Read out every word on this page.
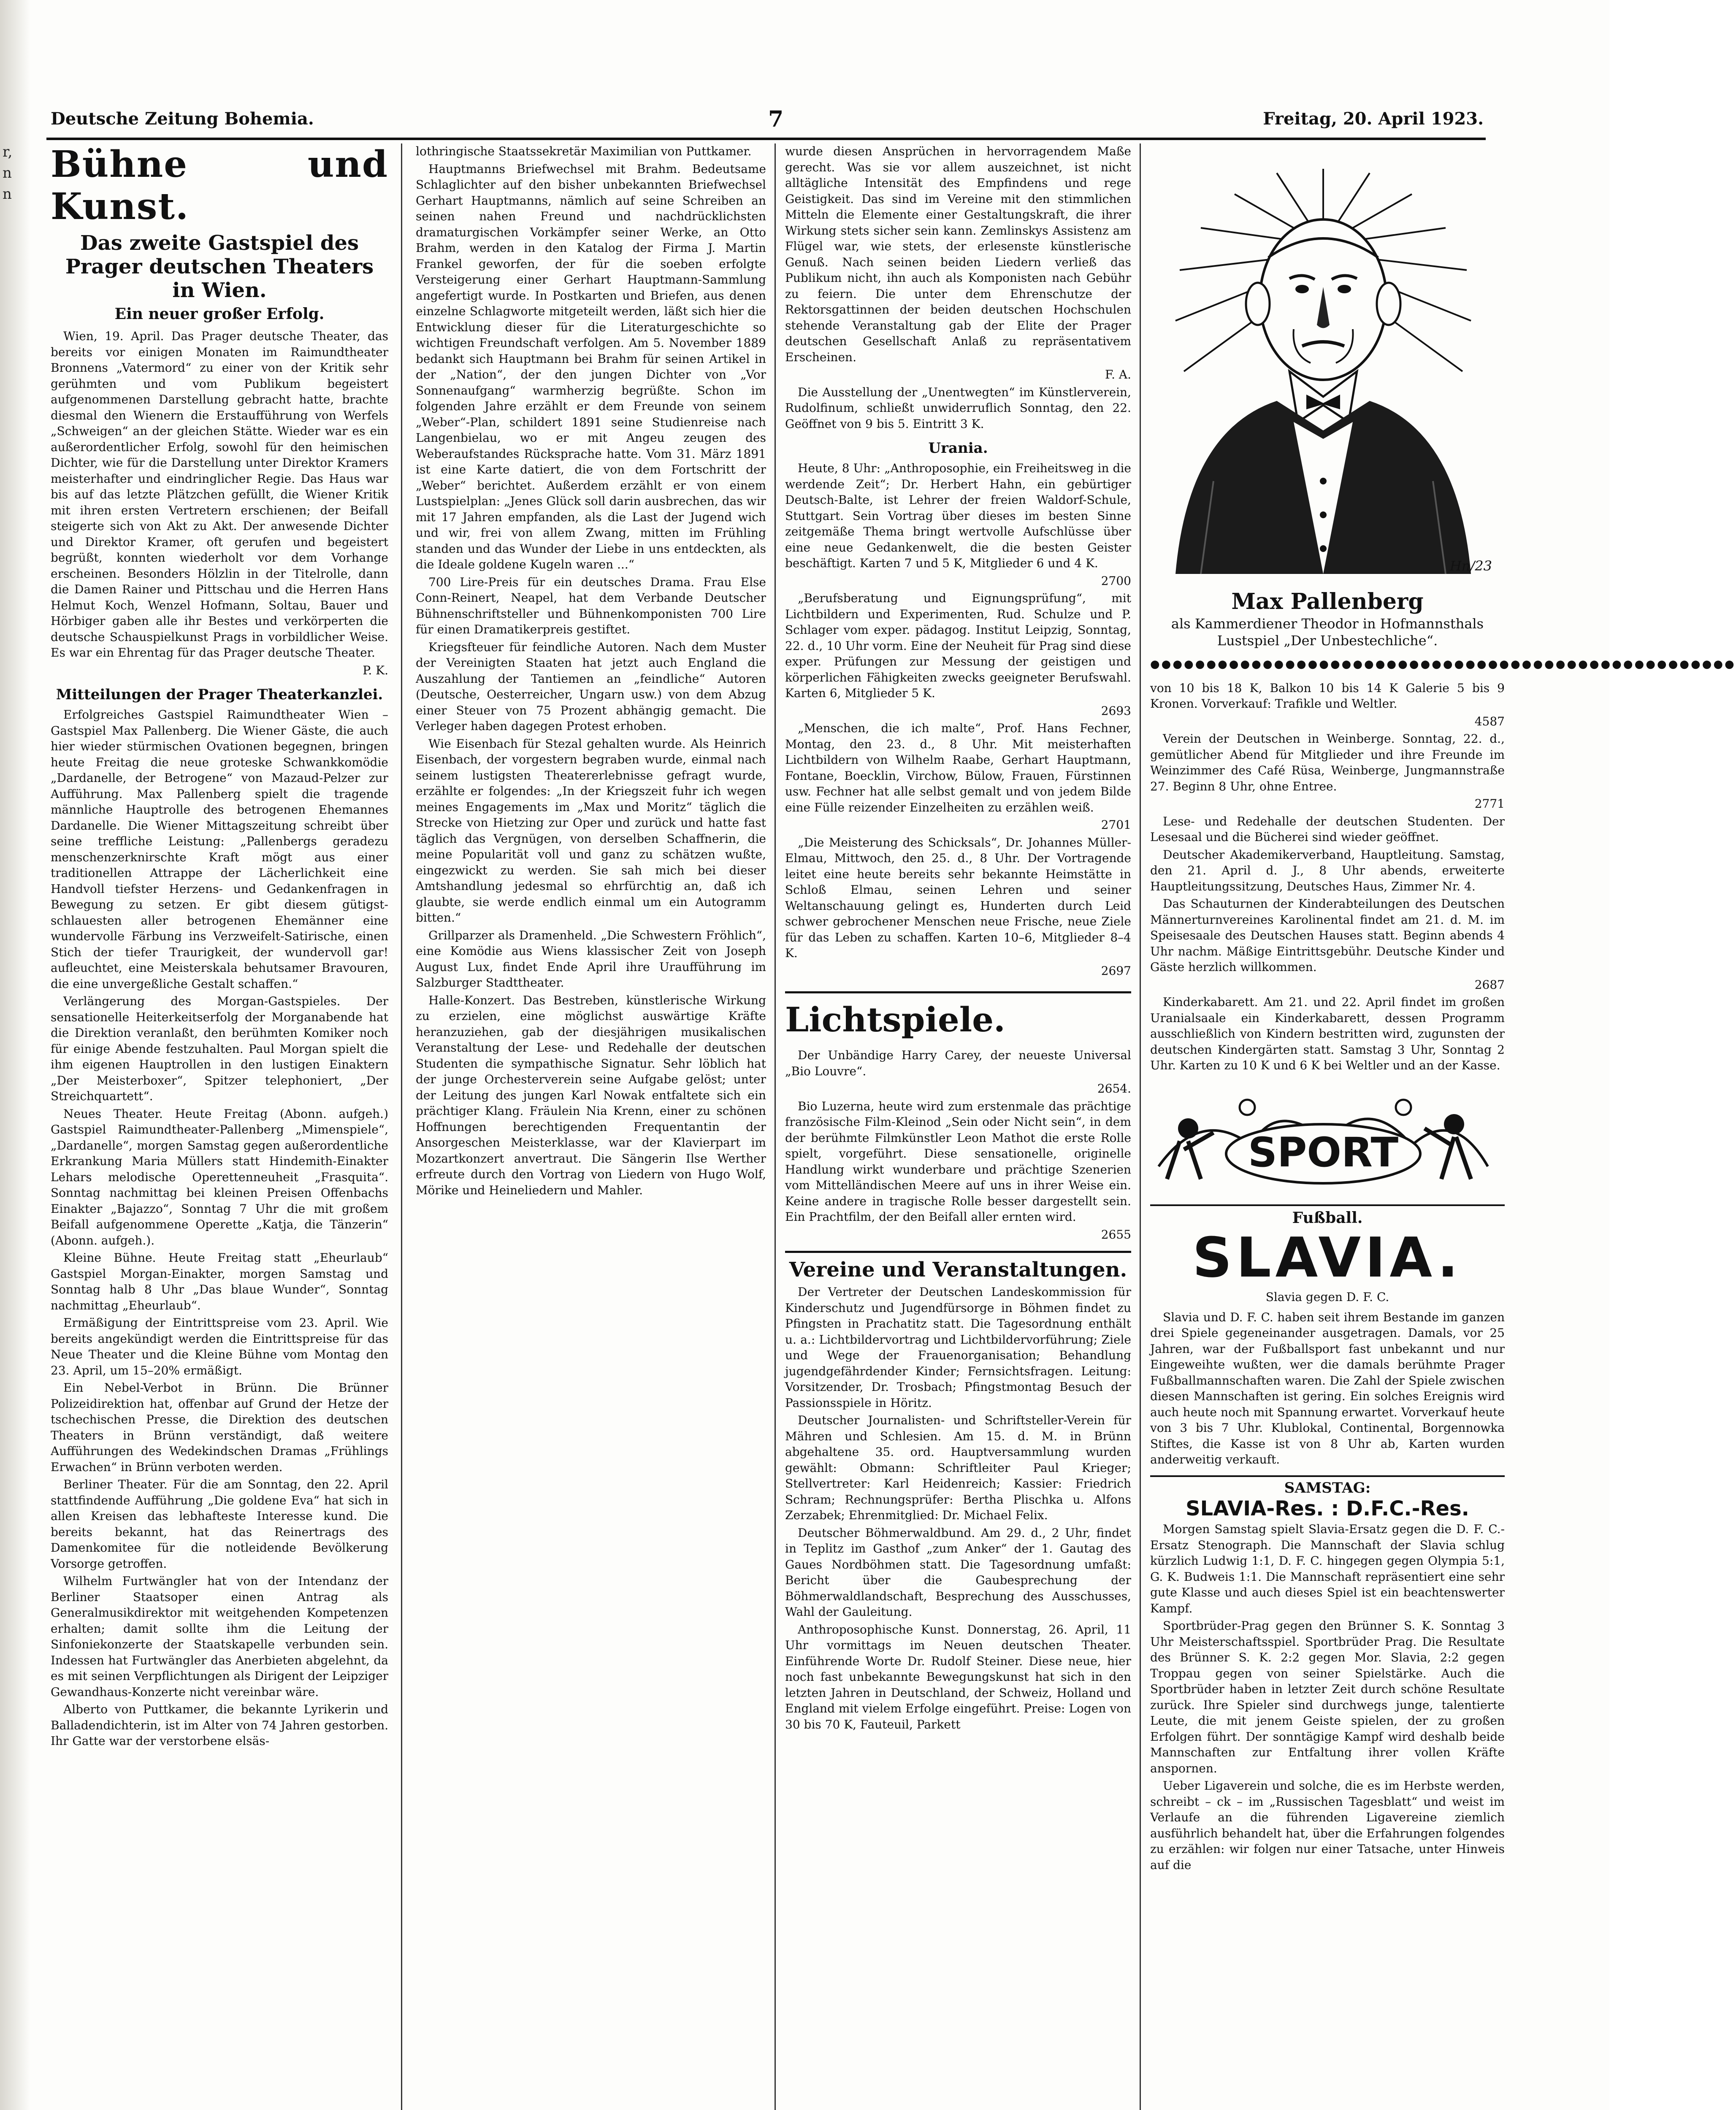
r,
n
n
Deutsche Zeitung Bohemia.	7	Freitag, 20. April 1923.
Bühne und Kunst.
Das zweite Gastspiel des Prager deutschen Theaters in Wien.
Ein neuer großer Erfolg.

Wien, 19. April. Das Prager deutsche Theater, das bereits vor einigen Monaten im Raimundtheater Bronnens „Vatermord“ zu einer von der Kritik sehr gerühmten und vom Publikum begeistert aufgenommenen Darstellung gebracht hatte, brachte diesmal den Wienern die Erstaufführung von Werfels „Schweigen“ an der gleichen Stätte. Wieder war es ein außerordentlicher Erfolg, sowohl für den heimischen Dichter, wie für die Darstellung unter Direktor Kramers meisterhafter und eindringlicher Regie. Das Haus war bis auf das letzte Plätzchen gefüllt, die Wiener Kritik mit ihren ersten Vertretern erschienen; der Beifall steigerte sich von Akt zu Akt. Der anwesende Dichter und Direktor Kramer, oft gerufen und begeistert begrüßt, konnten wiederholt vor dem Vorhange erscheinen. Besonders Hölzlin in der Titelrolle, dann die Damen Rainer und Pittschau und die Herren Hans Helmut Koch, Wenzel Hofmann, Soltau, Bauer und Hörbiger gaben alle ihr Bestes und verkörperten die deutsche Schauspielkunst Prags in vorbildlicher Weise. Es war ein Ehrentag für das Prager deutsche Theater.

P. K.

Mitteilungen der Prager Theaterkanzlei.

Erfolgreiches Gastspiel Raimundtheater Wien – Gastspiel Max Pallenberg. Die Wiener Gäste, die auch hier wieder stürmischen Ovationen begegnen, bringen heute Freitag die neue groteske Schwankkomödie „Dardanelle, der Betrogene“ von Mazaud-Pelzer zur Aufführung. Max Pallenberg spielt die tragende männliche Hauptrolle des betrogenen Ehemannes Dardanelle. Die Wiener Mittagszeitung schreibt über seine treffliche Leistung: „Pallenbergs geradezu menschenzerknirschte Kraft mögt aus einer traditionellen Attrappe der Lächerlichkeit eine Handvoll tiefster Herzens- und Gedankenfragen in Bewegung zu setzen. Er gibt diesem gütigst-schlauesten aller betrogenen Ehemänner eine wundervolle Färbung ins Verzweifelt-Satirische, einen Stich der tiefer Traurigkeit, der wundervoll gar! aufleuchtet, eine Meisterskala behutsamer Bravouren, die eine unvergeßliche Gestalt schaffen.“

Verlängerung des Morgan-Gastspieles. Der sensationelle Heiterkeitserfolg der Morganabende hat die Direktion veranlaßt, den berühmten Komiker noch für einige Abende festzuhalten. Paul Morgan spielt die ihm eigenen Hauptrollen in den lustigen Einaktern „Der Meisterboxer“, Spitzer telephoniert, „Der Streichquartett“.

Neues Theater. Heute Freitag (Abonn. aufgeh.) Gastspiel Raimundtheater-Pallenberg „Mimenspiele“, „Dardanelle“, morgen Samstag gegen außerordentliche Erkrankung Maria Müllers statt Hindemith-Einakter Lehars melodische Operettenneuheit „Frasquita“. Sonntag nachmittag bei kleinen Preisen Offenbachs Einakter „Bajazzo“, Sonntag 7 Uhr die mit großem Beifall aufgenommene Operette „Katja, die Tänzerin“ (Abonn. aufgeh.).

Kleine Bühne. Heute Freitag statt „Eheurlaub“ Gastspiel Morgan-Einakter, morgen Samstag und Sonntag halb 8 Uhr „Das blaue Wunder“, Sonntag nachmittag „Eheurlaub“.

Ermäßigung der Eintrittspreise vom 23. April. Wie bereits angekündigt werden die Eintrittspreise für das Neue Theater und die Kleine Bühne vom Montag den 23. April, um 15–20% ermäßigt.

Ein Nebel-Verbot in Brünn. Die Brünner Polizeidirektion hat, offenbar auf Grund der Hetze der tschechischen Presse, die Direktion des deutschen Theaters in Brünn verständigt, daß weitere Aufführungen des Wedekindschen Dramas „Frühlings Erwachen“ in Brünn verboten werden.

Berliner Theater. Für die am Sonntag, den 22. April stattfindende Aufführung „Die goldene Eva“ hat sich in allen Kreisen das lebhafteste Interesse kund. Die bereits bekannt, hat das Reinertrags des Damenkomitee für die notleidende Bevölkerung Vorsorge getroffen.

Wilhelm Furtwängler hat von der Intendanz der Berliner Staatsoper einen Antrag als Generalmusikdirektor mit weitgehenden Kompetenzen erhalten; damit sollte ihm die Leitung der Sinfoniekonzerte der Staatskapelle verbunden sein. Indessen hat Furtwängler das Anerbieten abgelehnt, da es mit seinen Verpflichtungen als Dirigent der Leipziger Gewandhaus-Konzerte nicht vereinbar wäre.

Alberto von Puttkamer, die bekannte Lyrikerin und Balladendichterin, ist im Alter von 74 Jahren gestorben. Ihr Gatte war der verstorbene elsäs-

lothringische Staatssekretär Maximilian von Puttkamer.

Hauptmanns Briefwechsel mit Brahm. Bedeutsame Schlaglichter auf den bisher unbekannten Briefwechsel Gerhart Hauptmanns, nämlich auf seine Schreiben an seinen nahen Freund und nachdrücklichsten dramaturgischen Vorkämpfer seiner Werke, an Otto Brahm, werden in den Katalog der Firma J. Martin Frankel geworfen, der für die soeben erfolgte Versteigerung einer Gerhart Hauptmann-Sammlung angefertigt wurde. In Postkarten und Briefen, aus denen einzelne Schlagworte mitgeteilt werden, läßt sich hier die Entwicklung dieser für die Literaturgeschichte so wichtigen Freundschaft verfolgen. Am 5. November 1889 bedankt sich Hauptmann bei Brahm für seinen Artikel in der „Nation“, der den jungen Dichter von „Vor Sonnenaufgang“ warmherzig begrüßte. Schon im folgenden Jahre erzählt er dem Freunde von seinem „Weber“-Plan, schildert 1891 seine Studienreise nach Langenbielau, wo er mit Angeu zeugen des Weberaufstandes Rücksprache hatte. Vom 31. März 1891 ist eine Karte datiert, die von dem Fortschritt der „Weber“ berichtet. Außerdem erzählt er von einem Lustspielplan: „Jenes Glück soll darin ausbrechen, das wir mit 17 Jahren empfanden, als die Last der Jugend wich und wir, frei von allem Zwang, mitten im Frühling standen und das Wunder der Liebe in uns entdeckten, als die Ideale goldene Kugeln waren ...“

700 Lire-Preis für ein deutsches Drama. Frau Else Conn-Reinert, Neapel, hat dem Verbande Deutscher Bühnenschriftsteller und Bühnenkomponisten 700 Lire für einen Dramatikerpreis gestiftet.

Kriegsfteuer für feindliche Autoren. Nach dem Muster der Vereinigten Staaten hat jetzt auch England die Auszahlung der Tantiemen an „feindliche“ Autoren (Deutsche, Oesterreicher, Ungarn usw.) von dem Abzug einer Steuer von 75 Prozent abhängig gemacht. Die Verleger haben dagegen Protest erhoben.

Wie Eisenbach für Stezal gehalten wurde. Als Heinrich Eisenbach, der vorgestern begraben wurde, einmal nach seinem lustigsten Theatererlebnisse gefragt wurde, erzählte er folgendes: „In der Kriegszeit fuhr ich wegen meines Engagements im „Max und Moritz“ täglich die Strecke von Hietzing zur Oper und zurück und hatte fast täglich das Vergnügen, von derselben Schaffnerin, die meine Popularität voll und ganz zu schätzen wußte, eingezwickt zu werden. Sie sah mich bei dieser Amtshandlung jedesmal so ehrfürchtig an, daß ich glaubte, sie werde endlich einmal um ein Autogramm bitten.“

Grillparzer als Dramenheld. „Die Schwestern Fröhlich“, eine Komödie aus Wiens klassischer Zeit von Joseph August Lux, findet Ende April ihre Uraufführung im Salzburger Stadttheater.

Halle-Konzert. Das Bestreben, künstlerische Wirkung zu erzielen, eine möglichst auswärtige Kräfte heranzuziehen, gab der diesjährigen musikalischen Veranstaltung der Lese- und Redehalle der deutschen Studenten die sympathische Signatur. Sehr löblich hat der junge Orchesterverein seine Aufgabe gelöst; unter der Leitung des jungen Karl Nowak entfaltete sich ein prächtiger Klang. Fräulein Nia Krenn, einer zu schönen Hoffnungen berechtigenden Frequentantin der Ansorgeschen Meisterklasse, war der Klavierpart im Mozartkonzert anvertraut. Die Sängerin Ilse Werther erfreute durch den Vortrag von Liedern von Hugo Wolf, Mörike und Heineliedern und Mahler.

wurde diesen Ansprüchen in hervorragendem Maße gerecht. Was sie vor allem auszeichnet, ist nicht alltägliche Intensität des Empfindens und rege Geistigkeit. Das sind im Vereine mit den stimmlichen Mitteln die Elemente einer Gestaltungskraft, die ihrer Wirkung stets sicher sein kann. Zemlinskys Assistenz am Flügel war, wie stets, der erlesenste künstlerische Genuß. Nach seinen beiden Liedern verließ das Publikum nicht, ihn auch als Komponisten nach Gebühr zu feiern. Die unter dem Ehrenschutze der Rektorsgattinnen der beiden deutschen Hochschulen stehende Veranstaltung gab der Elite der Prager deutschen Gesellschaft Anlaß zu repräsentativem Erscheinen.

F. A.

Die Ausstellung der „Unentwegten“ im Künstlerverein, Rudolfinum, schließt unwiderruflich Sonntag, den 22. Geöffnet von 9 bis 5. Eintritt 3 K.

Urania.

Heute, 8 Uhr: „Anthroposophie, ein Freiheitsweg in die werdende Zeit“; Dr. Herbert Hahn, ein gebürtiger Deutsch-Balte, ist Lehrer der freien Waldorf-Schule, Stuttgart. Sein Vortrag über dieses im besten Sinne zeitgemäße Thema bringt wertvolle Aufschlüsse über eine neue Gedankenwelt, die die besten Geister beschäftigt. Karten 7 und 5 K, Mitglieder 6 und 4 K.

2700

„Berufsberatung und Eignungsprüfung“, mit Lichtbildern und Experimenten, Rud. Schulze und P. Schlager vom exper. pädagog. Institut Leipzig, Sonntag, 22. d., 10 Uhr vorm. Eine der Neuheit für Prag sind diese exper. Prüfungen zur Messung der geistigen und körperlichen Fähigkeiten zwecks geeigneter Berufswahl. Karten 6, Mitglieder 5 K.

2693

„Menschen, die ich malte“, Prof. Hans Fechner, Montag, den 23. d., 8 Uhr. Mit meisterhaften Lichtbildern von Wilhelm Raabe, Gerhart Hauptmann, Fontane, Boecklin, Virchow, Bülow, Frauen, Fürstinnen usw. Fechner hat alle selbst gemalt und von jedem Bilde eine Fülle reizender Einzelheiten zu erzählen weiß.

2701

„Die Meisterung des Schicksals“, Dr. Johannes Müller-Elmau, Mittwoch, den 25. d., 8 Uhr. Der Vortragende leitet eine heute bereits sehr bekannte Heimstätte in Schloß Elmau, seinen Lehren und seiner Weltanschauung gelingt es, Hunderten durch Leid schwer gebrochener Menschen neue Frische, neue Ziele für das Leben zu schaffen. Karten 10–6, Mitglieder 8–4 K.

2697

Lichtspiele.

Der Unbändige Harry Carey, der neueste Universal „Bio Louvre“.

2654.

Bio Luzerna, heute wird zum erstenmale das prächtige französische Film-Kleinod „Sein oder Nicht sein“, in dem der berühmte Filmkünstler Leon Mathot die erste Rolle spielt, vorgeführt. Diese sensationelle, originelle Handlung wirkt wunderbare und prächtige Szenerien vom Mittelländischen Meere auf uns in ihrer Weise ein. Keine andere in tragische Rolle besser dargestellt sein. Ein Prachtfilm, der den Beifall aller ernten wird.

2655

Vereine und Veranstaltungen.

Der Vertreter der Deutschen Landeskommission für Kinderschutz und Jugendfürsorge in Böhmen findet zu Pfingsten in Prachatitz statt. Die Tagesordnung enthält u. a.: Lichtbildervortrag und Lichtbildervorführung; Ziele und Wege der Frauenorganisation; Behandlung jugendgefährdender Kinder; Fernsichtsfragen. Leitung: Vorsitzender, Dr. Trosbach; Pfingstmontag Besuch der Passionsspiele in Höritz.

Deutscher Journalisten- und Schriftsteller-Verein für Mähren und Schlesien. Am 15. d. M. in Brünn abgehaltene 35. ord. Hauptversammlung wurden gewählt: Obmann: Schriftleiter Paul Krieger; Stellvertreter: Karl Heidenreich; Kassier: Friedrich Schram; Rechnungsprüfer: Bertha Plischka u. Alfons Zerzabek; Ehrenmitglied: Dr. Michael Felix.

Deutscher Böhmerwaldbund. Am 29. d., 2 Uhr, findet in Teplitz im Gasthof „zum Anker“ der 1. Gautag des Gaues Nordböhmen statt. Die Tagesordnung umfaßt: Bericht über die Gaubesprechung der Böhmerwaldlandschaft, Besprechung des Ausschusses, Wahl der Gauleitung.

Anthroposophische Kunst. Donnerstag, 26. April, 11 Uhr vormittags im Neuen deutschen Theater. Einführende Worte Dr. Rudolf Steiner. Diese neue, hier noch fast unbekannte Bewegungskunst hat sich in den letzten Jahren in Deutschland, der Schweiz, Holland und England mit vielem Erfolge eingeführt. Preise: Logen von 30 bis 70 K, Fauteuil, Parkett

Hn/23
Max Pallenberg
als Kammerdiener Theodor in Hofmannsthals Lustspiel „Der Unbestechliche“.
●●●●●●●●●●●●●●●●●●●●●●●●●●●●●●●●●●●●●●●●●●●●●●●●●●●●

von 10 bis 18 K, Balkon 10 bis 14 K Galerie 5 bis 9 Kronen. Vorverkauf: Trafikle und Weltler.

4587

Verein der Deutschen in Weinberge. Sonntag, 22. d., gemütlicher Abend für Mitglieder und ihre Freunde im Weinzimmer des Café Rüsa, Weinberge, Jungmannstraße 27. Beginn 8 Uhr, ohne Entree.

2771

Lese- und Redehalle der deutschen Studenten. Der Lesesaal und die Bücherei sind wieder geöffnet.

Deutscher Akademikerverband, Hauptleitung. Samstag, den 21. April d. J., 8 Uhr abends, erweiterte Hauptleitungssitzung, Deutsches Haus, Zimmer Nr. 4.

Das Schauturnen der Kinderabteilungen des Deutschen Männerturnvereines Karolinental findet am 21. d. M. im Speisesaale des Deutschen Hauses statt. Beginn abends 4 Uhr nachm. Mäßige Eintrittsgebühr. Deutsche Kinder und Gäste herzlich willkommen.

2687

Kinderkabarett. Am 21. und 22. April findet im großen Uranialsaale ein Kinderkabarett, dessen Programm ausschließlich von Kindern bestritten wird, zugunsten der deutschen Kindergärten statt. Samstag 3 Uhr, Sonntag 2 Uhr. Karten zu 10 K und 6 K bei Weltler und an der Kasse.

SPORT
Fußball.
SLAVIA.
Slavia gegen D. F. C.

Slavia und D. F. C. haben seit ihrem Bestande im ganzen drei Spiele gegeneinander ausgetragen. Damals, vor 25 Jahren, war der Fußballsport fast unbekannt und nur Eingeweihte wußten, wer die damals berühmte Prager Fußballmannschaften waren. Die Zahl der Spiele zwischen diesen Mannschaften ist gering. Ein solches Ereignis wird auch heute noch mit Spannung erwartet. Vorverkauf heute von 3 bis 7 Uhr. Klublokal, Continental, Borgennowka Stiftes, die Kasse ist von 8 Uhr ab, Karten wurden anderweitig verkauft.

SAMSTAG:
SLAVIA-Res. : D.F.C.-Res.

Morgen Samstag spielt Slavia-Ersatz gegen die D. F. C.-Ersatz Stenograph. Die Mannschaft der Slavia schlug kürzlich Ludwig 1:1, D. F. C. hingegen gegen Olympia 5:1, G. K. Budweis 1:1. Die Mannschaft repräsentiert eine sehr gute Klasse und auch dieses Spiel ist ein beachtenswerter Kampf.

Sportbrüder-Prag gegen den Brünner S. K. Sonntag 3 Uhr Meisterschaftsspiel. Sportbrüder Prag. Die Resultate des Brünner S. K. 2:2 gegen Mor. Slavia, 2:2 gegen Troppau gegen von seiner Spielstärke. Auch die Sportbrüder haben in letzter Zeit durch schöne Resultate zurück. Ihre Spieler sind durchwegs junge, talentierte Leute, die mit jenem Geiste spielen, der zu großen Erfolgen führt. Der sonntägige Kampf wird deshalb beide Mannschaften zur Entfaltung ihrer vollen Kräfte anspornen.

Ueber Ligaverein und solche, die es im Herbste werden, schreibt – ck – im „Russischen Tagesblatt“ und weist im Verlaufe an die führenden Ligavereine ziemlich ausführlich behandelt hat, über die Erfahrungen folgendes zu erzählen: wir folgen nur einer Tatsache, unter Hinweis auf die
